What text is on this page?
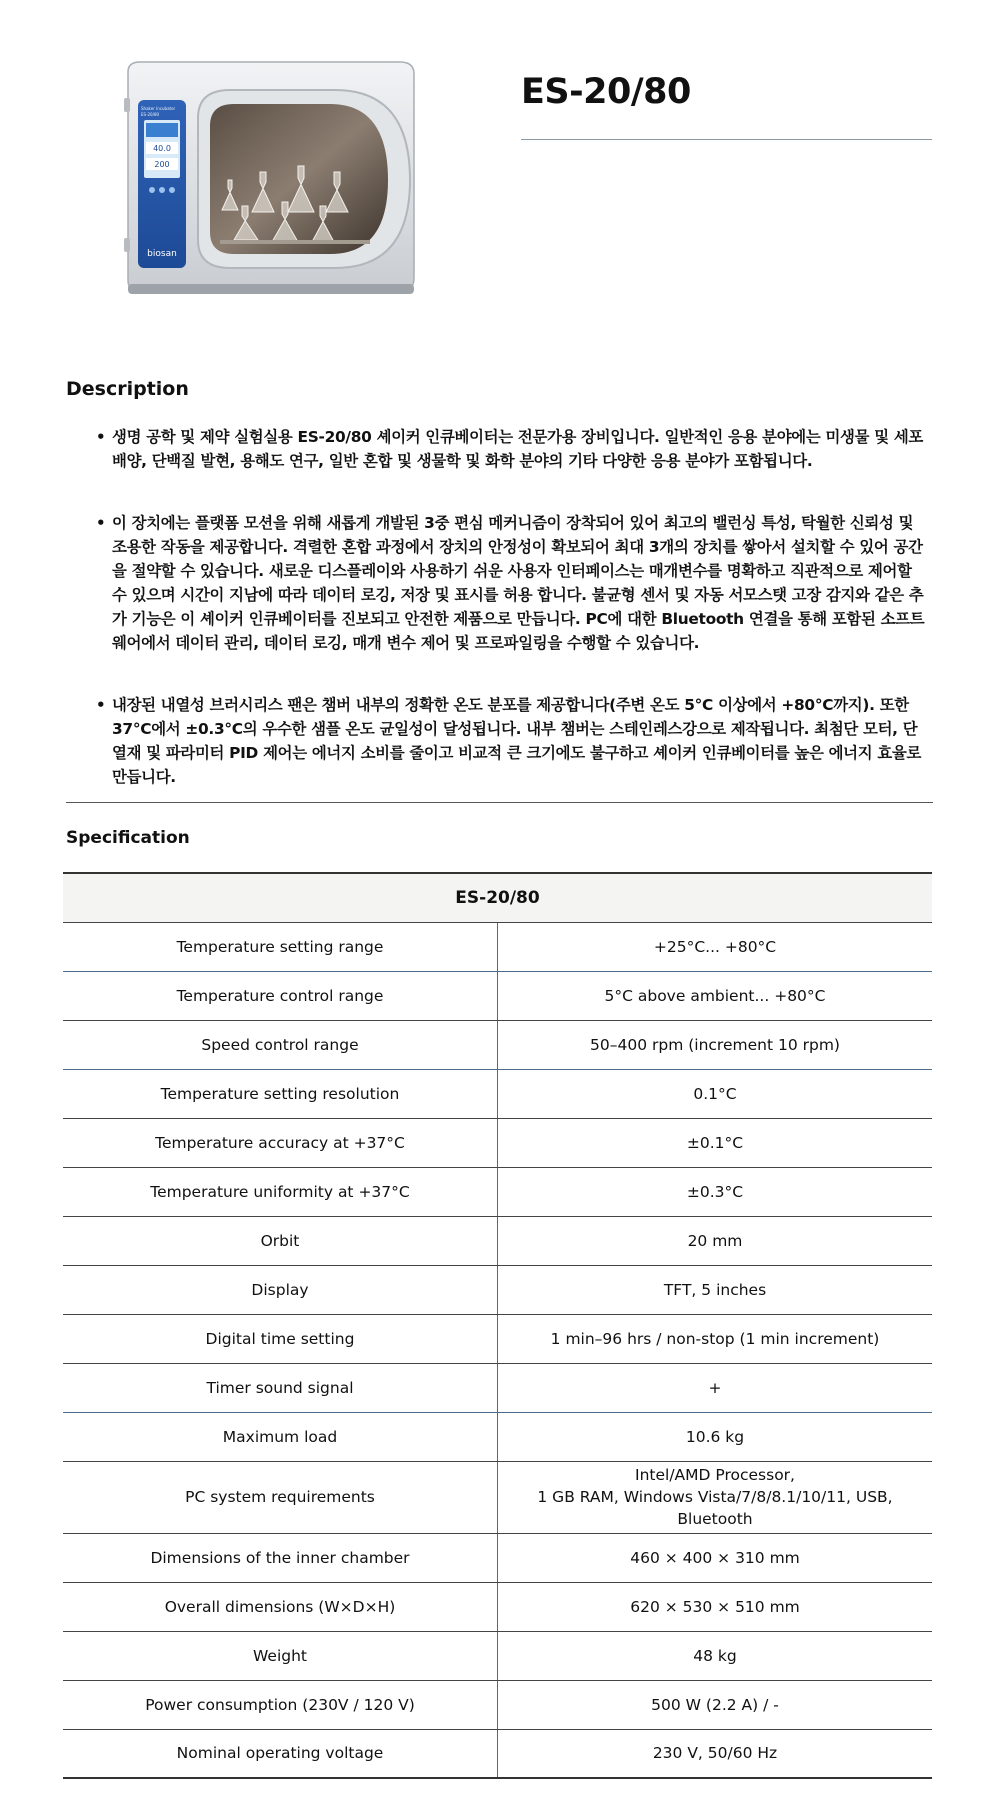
40.0
200
Shaker Incubator
ES-20/80
biosan
ES-20/80
Description
• 생명 공학 및 제약 실험실용 ES-20/80 셰이커 인큐베이터는 전문가용 장비입니다. 일반적인 응용 분야에는 미생물 및 세포 배양, 단백질 발현, 용해도 연구, 일반 혼합 및 생물학 및 화학 분야의 기타 다양한 응용 분야가 포함됩니다.
• 이 장치에는 플랫폼 모션을 위해 새롭게 개발된 3중 편심 메커니즘이 장착되어 있어 최고의 밸런싱 특성, 탁월한 신뢰성 및 조용한 작동을 제공합니다. 격렬한 혼합 과정에서 장치의 안정성이 확보되어 최대 3개의 장치를 쌓아서 설치할 수 있어 공간을 절약할 수 있습니다. 새로운 디스플레이와 사용하기 쉬운 사용자 인터페이스는 매개변수를 명확하고 직관적으로 제어할 수 있으며 시간이 지남에 따라 데이터 로깅, 저장 및 표시를 허용 합니다. 불균형 센서 및 자동 서모스탯 고장 감지와 같은 추가 기능은 이 셰이커 인큐베이터를 진보되고 안전한 제품으로 만듭니다. PC에 대한 Bluetooth 연결을 통해 포함된 소프트웨어에서 데이터 관리, 데이터 로깅, 매개 변수 제어 및 프로파일링을 수행할 수 있습니다.
• 내장된 내열성 브러시리스 팬은 챔버 내부의 정확한 온도 분포를 제공합니다(주변 온도 5°C 이상에서 +80°C까지). 또한 37°C에서 ±0.3°C의 우수한 샘플 온도 균일성이 달성됩니다. 내부 챔버는 스테인레스강으로 제작됩니다. 최첨단 모터, 단열재 및 파라미터 PID 제어는 에너지 소비를 줄이고 비교적 큰 크기에도 불구하고 셰이커 인큐베이터를 높은 에너지 효율로 만듭니다.
Specification
ES-20/80	
Temperature setting range	+25°C... +80°C
Temperature control range	5°C above ambient... +80°C
Speed control range	50–400 rpm (increment 10 rpm)
Temperature setting resolution	0.1°C
Temperature accuracy at +37°C	±0.1°C
Temperature uniformity at +37°C	±0.3°C
Orbit	20 mm
Display	TFT, 5 inches
Digital time setting	1 min–96 hrs / non-stop (1 min increment)
Timer sound signal	+
Maximum load	10.6 kg
PC system requirements	Intel/AMD Processor,
1 GB RAM, Windows Vista/7/8/8.1/10/11, USB, Bluetooth

Dimensions of the inner chamber	460 × 400 × 310 mm
Overall dimensions (W×D×H)	620 × 530 × 510 mm
Weight	48 kg
Power consumption (230V / 120 V)	500 W (2.2 A) / -
Nominal operating voltage	230 V, 50/60 Hz
